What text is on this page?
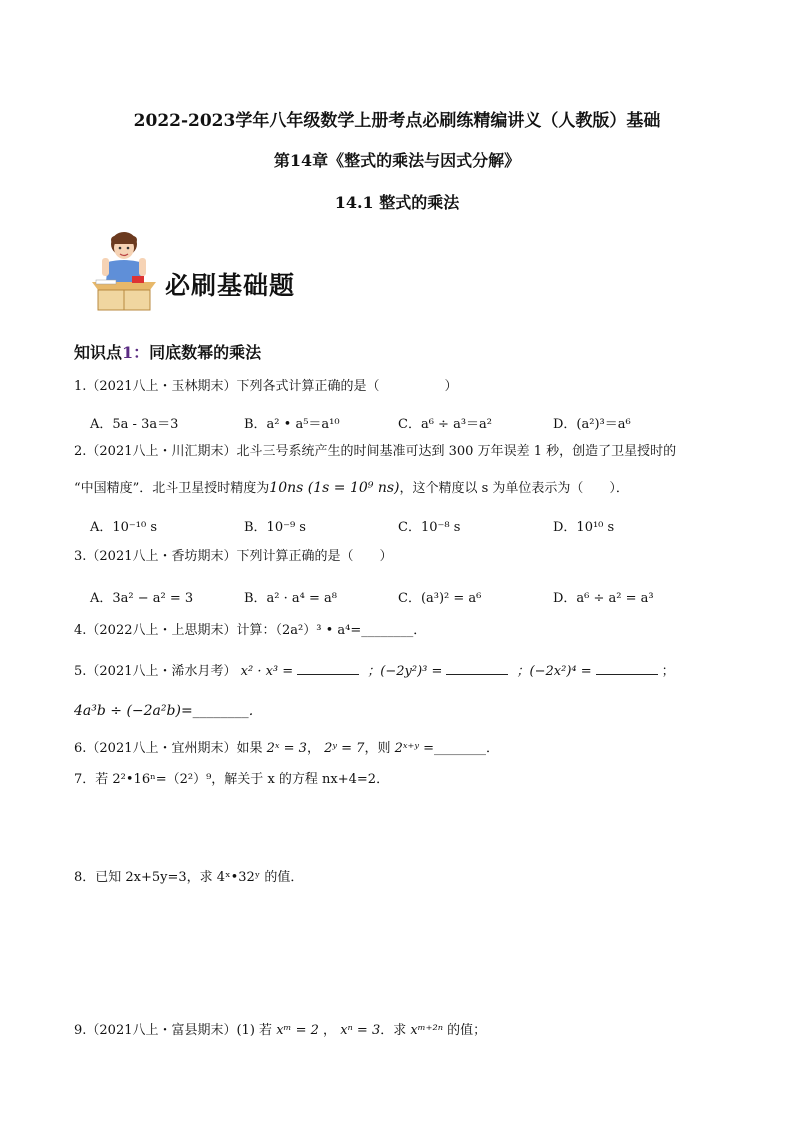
2022-2023学年八年级数学上册考点必刷练精编讲义（人教版）基础
第14章《整式的乘法与因式分解》
14.1 整式的乘法
必刷基础题
知识点1：同底数幂的乘法
1.（2021八上・玉林期末）下列各式计算正确的是（　　　　　）
A．5a - 3a＝3	B．a² • a⁵＝a¹⁰	C．a⁶ ÷ a³＝a²	D．(a²)³＝a⁶
2.（2021八上・川汇期末）北斗三号系统产生的时间基准可达到 300 万年误差 1 秒，创造了卫星授时的
“中国精度”．北斗卫星授时精度为10ns (1s = 10⁹ ns)，这个精度以 s 为单位表示为（　　）．
A．10⁻¹⁰ s	B．10⁻⁹ s	C．10⁻⁸ s	D．10¹⁰ s
3.（2021八上・香坊期末）下列计算正确的是（　　）
A．3a² − a² = 3	B．a² · a⁴ = a⁸	C．(a³)² = a⁶	D．a⁶ ÷ a² = a³
4.（2022八上・上思期末）计算：（2a²）³ • a⁴=________．
5.（2021八上・浠水月考） x² · x³ =	；(−2y²)³ =	；(−2x²)⁴ =	；
4a³b ÷ (−2a²b)=________．
6.（2021八上・宜州期末）如果 2ˣ = 3， 2ʸ = 7，则 2ˣ⁺ʸ =________．
7．若 2²•16ⁿ=（2²）⁹，解关于 x 的方程 nx+4=2．
8．已知 2x+5y=3，求 4ˣ•32ʸ 的值．
9.（2021八上・富县期末）(1) 若 xᵐ = 2 ， xⁿ = 3．求 xᵐ⁺²ⁿ 的值；
